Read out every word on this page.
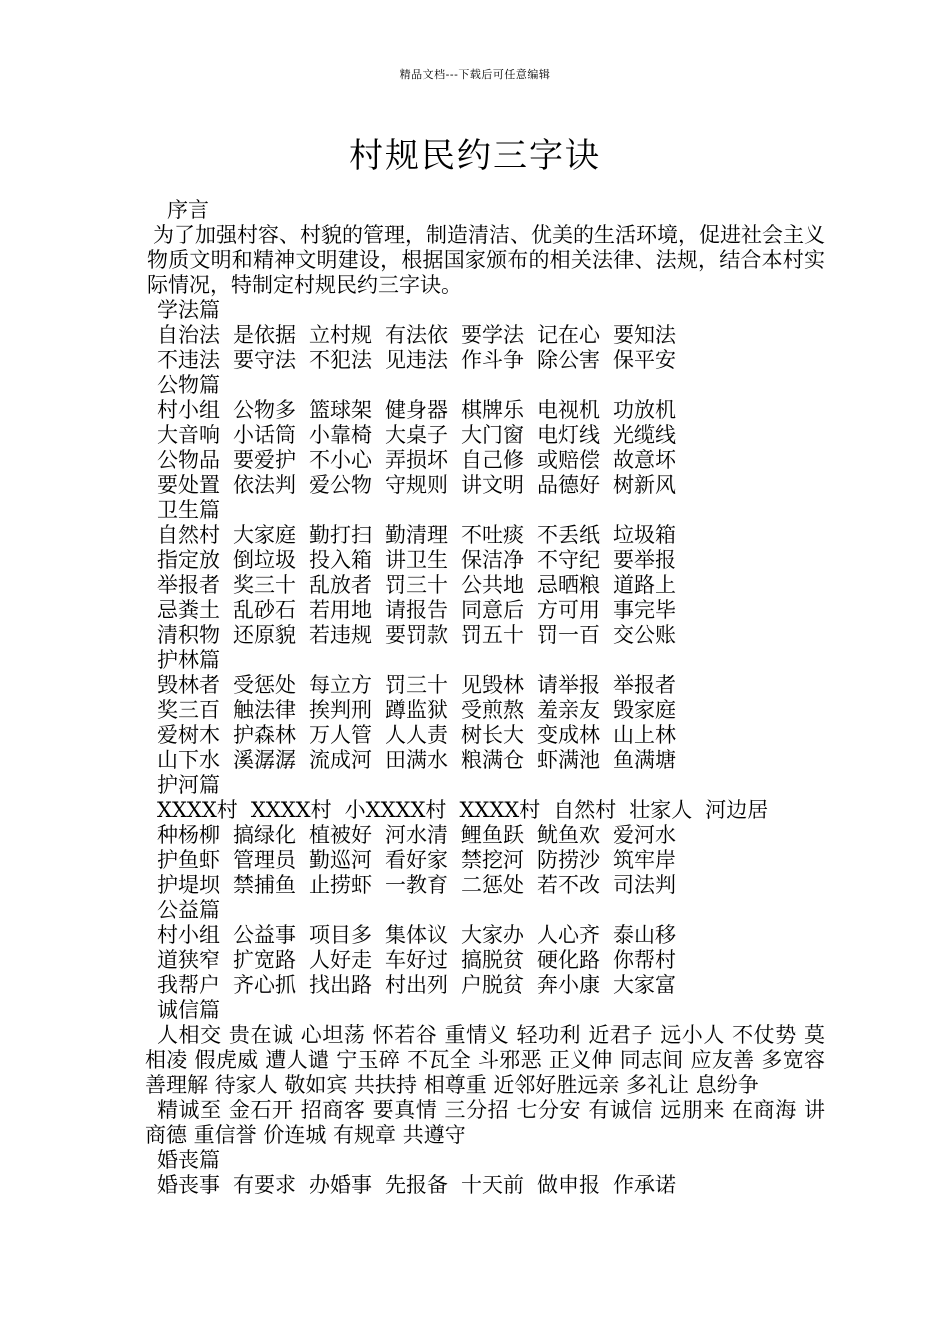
精品文档---下载后可任意编辑
村规民约三字诀
序言
为了加强村容、村貌的管理，制造清洁、优美的生活环境，促进社会主义物质文明和精神文明建设，根据国家颁布的相关法律、法规，结合本村实际情况，特制定村规民约三字诀。
学法篇
自治法 是依据 立村规 有法依 要学法 记在心 要知法
不违法 要守法 不犯法 见违法 作斗争 除公害 保平安
公物篇
村小组 公物多 篮球架 健身器 棋牌乐 电视机 功放机
大音响 小话筒 小靠椅 大桌子 大门窗 电灯线 光缆线
公物品 要爱护 不小心 弄损坏 自己修 或赔偿 故意坏
要处置 依法判 爱公物 守规则 讲文明 品德好 树新风
卫生篇
自然村 大家庭 勤打扫 勤清理 不吐痰 不丢纸 垃圾箱
指定放 倒垃圾 投入箱 讲卫生 保洁净 不守纪 要举报
举报者 奖三十 乱放者 罚三十 公共地 忌晒粮 道路上
忌粪土 乱砂石 若用地 请报告 同意后 方可用 事完毕
清积物 还原貌 若违规 要罚款 罚五十 罚一百 交公账
护林篇
毁林者 受惩处 每立方 罚三十 见毁林 请举报 举报者
奖三百 触法律 挨判刑 蹲监狱 受煎熬 羞亲友 毁家庭
爱树木 护森林 万人管 人人责 树长大 变成林 山上林
山下水 溪潺潺 流成河 田满水 粮满仓 虾满池 鱼满塘
护河篇
XXXX村 XXXX村 小XXXX村 XXXX村 自然村 壮家人 河边居
种杨柳 搞绿化 植被好 河水清 鲤鱼跃 鱿鱼欢 爱河水
护鱼虾 管理员 勤巡河 看好家 禁挖河 防捞沙 筑牢岸
护堤坝 禁捕鱼 止捞虾 一教育 二惩处 若不改 司法判
公益篇
村小组 公益事 项目多 集体议 大家办 人心齐 泰山移
道狭窄 扩宽路 人好走 车好过 搞脱贫 硬化路 你帮村
我帮户 齐心抓 找出路 村出列 户脱贫 奔小康 大家富
诚信篇
人相交 贵在诚 心坦荡 怀若谷 重情义 轻功利 近君子 远小人 不仗势 莫相凌 假虎威 遭人谴 宁玉碎 不瓦全 斗邪恶 正义伸 同志间 应友善 多宽容 善理解 待家人 敬如宾 共扶持 相尊重 近邻好胜远亲 多礼让 息纷争
精诚至 金石开 招商客 要真情 三分招 七分安 有诚信 远朋来 在商海 讲商德 重信誉 价连城 有规章 共遵守
婚丧篇
婚丧事 有要求 办婚事 先报备 十天前 做申报 作承诺
